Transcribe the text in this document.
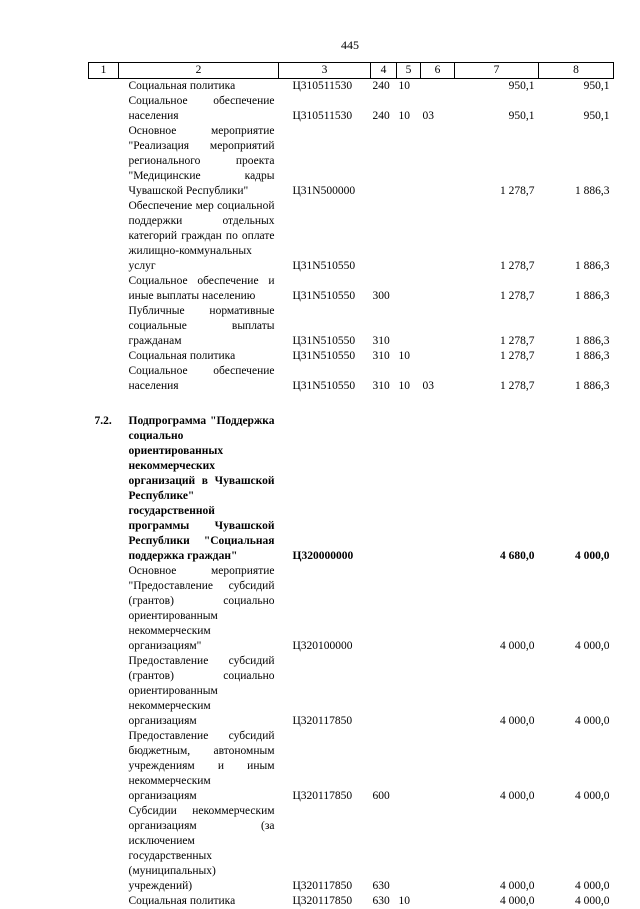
445
1	2	3	4	5	6	7	8
	Социальная политика	Ц310511530	240	10		950,1	950,1
	Социальное обеспечение населения	Ц310511530	240	10	03	950,1	950,1
	Основное мероприятие "Реализация мероприятий регионального проекта "Медицинские кадры Чувашской Республики"	Ц31N500000				1 278,7	1 886,3
	Обеспечение мер социальной поддержки отдельных категорий граждан по оплате жилищно-коммунальных услуг	Ц31N510550				1 278,7	1 886,3
	Социальное обеспечение и иные выплаты населению	Ц31N510550	300			1 278,7	1 886,3
	Публичные нормативные социальные выплаты гражданам	Ц31N510550	310			1 278,7	1 886,3
	Социальная политика	Ц31N510550	310	10		1 278,7	1 886,3
	Социальное обеспечение населения	Ц31N510550	310	10	03	1 278,7	1 886,3

7.2.	Подпрограмма "Поддержка социально ориентированных некоммерческих организаций в Чувашской Республике" государственной программы Чувашской Республики "Социальная поддержка граждан"	Ц320000000				4 680,0	4 000,0
	Основное мероприятие "Предоставление субсидий (грантов) социально ориентированным некоммерческим организациям"	Ц320100000				4 000,0	4 000,0
	Предоставление субсидий (грантов) социально ориентированным некоммерческим организациям	Ц320117850				4 000,0	4 000,0
	Предоставление субсидий бюджетным, автономным учреждениям и иным некоммерческим организациям	Ц320117850	600			4 000,0	4 000,0
	Субсидии некоммерческим организациям (за исключением государственных (муниципальных) учреждений)	Ц320117850	630			4 000,0	4 000,0
	Социальная политика	Ц320117850	630	10		4 000,0	4 000,0
